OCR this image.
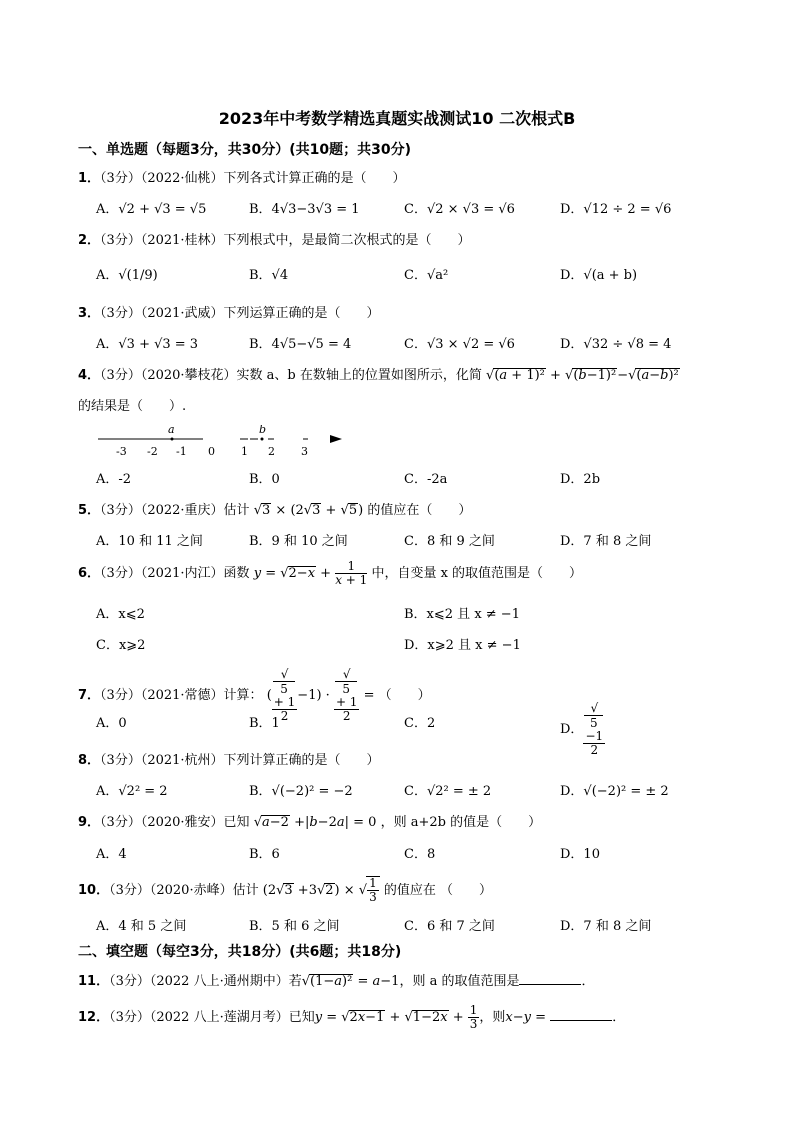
2023年中考数学精选真题实战测试10 二次根式B
一、单选题（每题3分，共30分）(共10题；共30分)
1．（3分）（2022·仙桃）下列各式计算正确的是（　　）
A．√2 + √3 = √5	B．4√3−3√3 = 1	C．√2 × √3 = √6	D．√12 ÷ 2 = √6
2．（3分）（2021·桂林）下列根式中，是最简二次根式的是（　　）
A．√(1/9)	B．√4	C．√a²	D．√(a + b)
3．（3分）（2021·武威）下列运算正确的是（　　）
A．√3 + √3 = 3	B．4√5−√5 = 4	C．√3 × √2 = √6	D．√32 ÷ √8 = 4
4．（3分）（2020·攀枝花）实数 a、b 在数轴上的位置如图所示，化简 √(a + 1)² + √(b−1)²−√(a−b)²
的结果是（　　）.
a	b
-3 -2 -1 0 1 2 3
A．-2	B．0	C．-2a	D．2b
5．（3分）（2022·重庆）估计 √3 × (2√3 + √5) 的值应在（　　）
A．10 和 11 之间	B．9 和 10 之间	C．8 和 9 之间	D．7 和 8 之间
6．（3分）（2021·内江）函数 $y = √2-x + \frac{1}{x + 1}$ 中，自变量 x 的取值范围是（　　）
A．x⩽2	B．x⩽2 且 x ≠ −1
C．x⩾2	D．x⩾2 且 x ≠ −1
7．（3分）（2021·常德）计算： ( √
5
+ 1
2 −1) · √
5
+ 1
2 = （　　）
A．0	B．1	C．2	D． √
5
−1
2
8．（3分）（2021·杭州）下列计算正确的是（　　）
A．√2² = 2	B．√(−2)² = −2	C．√2² = ± 2	D．√(−2)² = ± 2
9．（3分）（2020·雅安）已知 √a−2 +|b−2a| = 0 ，则 a+2b 的值是（　　）
A．4	B．6	C．8	D．10
10．（3分）（2020·赤峰）估计 (2√3 +3√2) × √ $\frac{1}{3}$ 的值应在 （　　）
A．4 和 5 之间	B．5 和 6 之间	C．6 和 7 之间	D．7 和 8 之间
二、填空题（每空3分，共18分）(共6题；共18分)
11．（3分）（2022 八上·通州期中）若√(1−a)² = a−1，则 a 的取值范围是	．
12．（3分）（2022 八上·莲湖月考）已知$y = √2x-1 + √1-2x + \frac{1}{3}$ ，则x−y =	．
